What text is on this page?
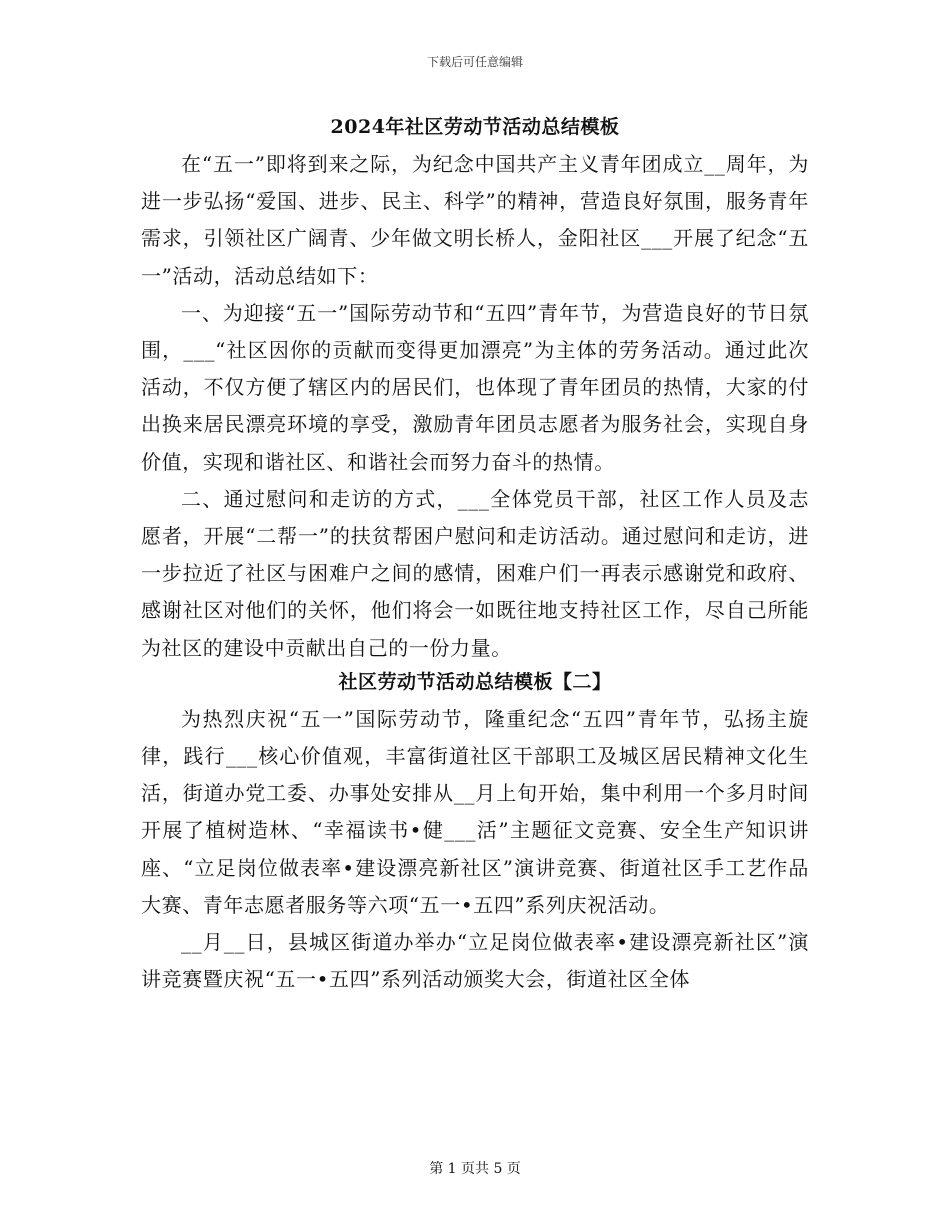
下载后可任意编辑
2024年社区劳动节活动总结模板

在“五一”即将到来之际，为纪念中国共产主义青年团成立__周年，为进一步弘扬“爱国、进步、民主、科学”的精神，营造良好氛围，服务青年需求，引领社区广阔青、少年做文明长桥人，金阳社区___开展了纪念“五一”活动，活动总结如下：

一、为迎接“五一”国际劳动节和“五四”青年节，为营造良好的节日氛围，___“社区因你的贡献而变得更加漂亮”为主体的劳务活动。通过此次活动，不仅方便了辖区内的居民们，也体现了青年团员的热情，大家的付出换来居民漂亮环境的享受，激励青年团员志愿者为服务社会，实现自身价值，实现和谐社区、和谐社会而努力奋斗的热情。

二、通过慰问和走访的方式，___全体党员干部，社区工作人员及志愿者，开展“二帮一”的扶贫帮困户慰问和走访活动。通过慰问和走访，进一步拉近了社区与困难户之间的感情，困难户们一再表示感谢党和政府、感谢社区对他们的关怀，他们将会一如既往地支持社区工作，尽自己所能为社区的建设中贡献出自己的一份力量。

社区劳动节活动总结模板【二】

为热烈庆祝“五一”国际劳动节，隆重纪念“五四”青年节，弘扬主旋律，践行___核心价值观，丰富街道社区干部职工及城区居民精神文化生活，街道办党工委、办事处安排从__月上旬开始，集中利用一个多月时间开展了植树造林、“幸福读书•健___活”主题征文竞赛、安全生产知识讲座、“立足岗位做表率•建设漂亮新社区”演讲竞赛、街道社区手工艺作品大赛、青年志愿者服务等六项“五一•五四”系列庆祝活动。

__月__日，县城区街道办举办“立足岗位做表率•建设漂亮新社区”演讲竞赛暨庆祝“五一•五四”系列活动颁奖大会，街道社区全体

第 1 页共 5 页
